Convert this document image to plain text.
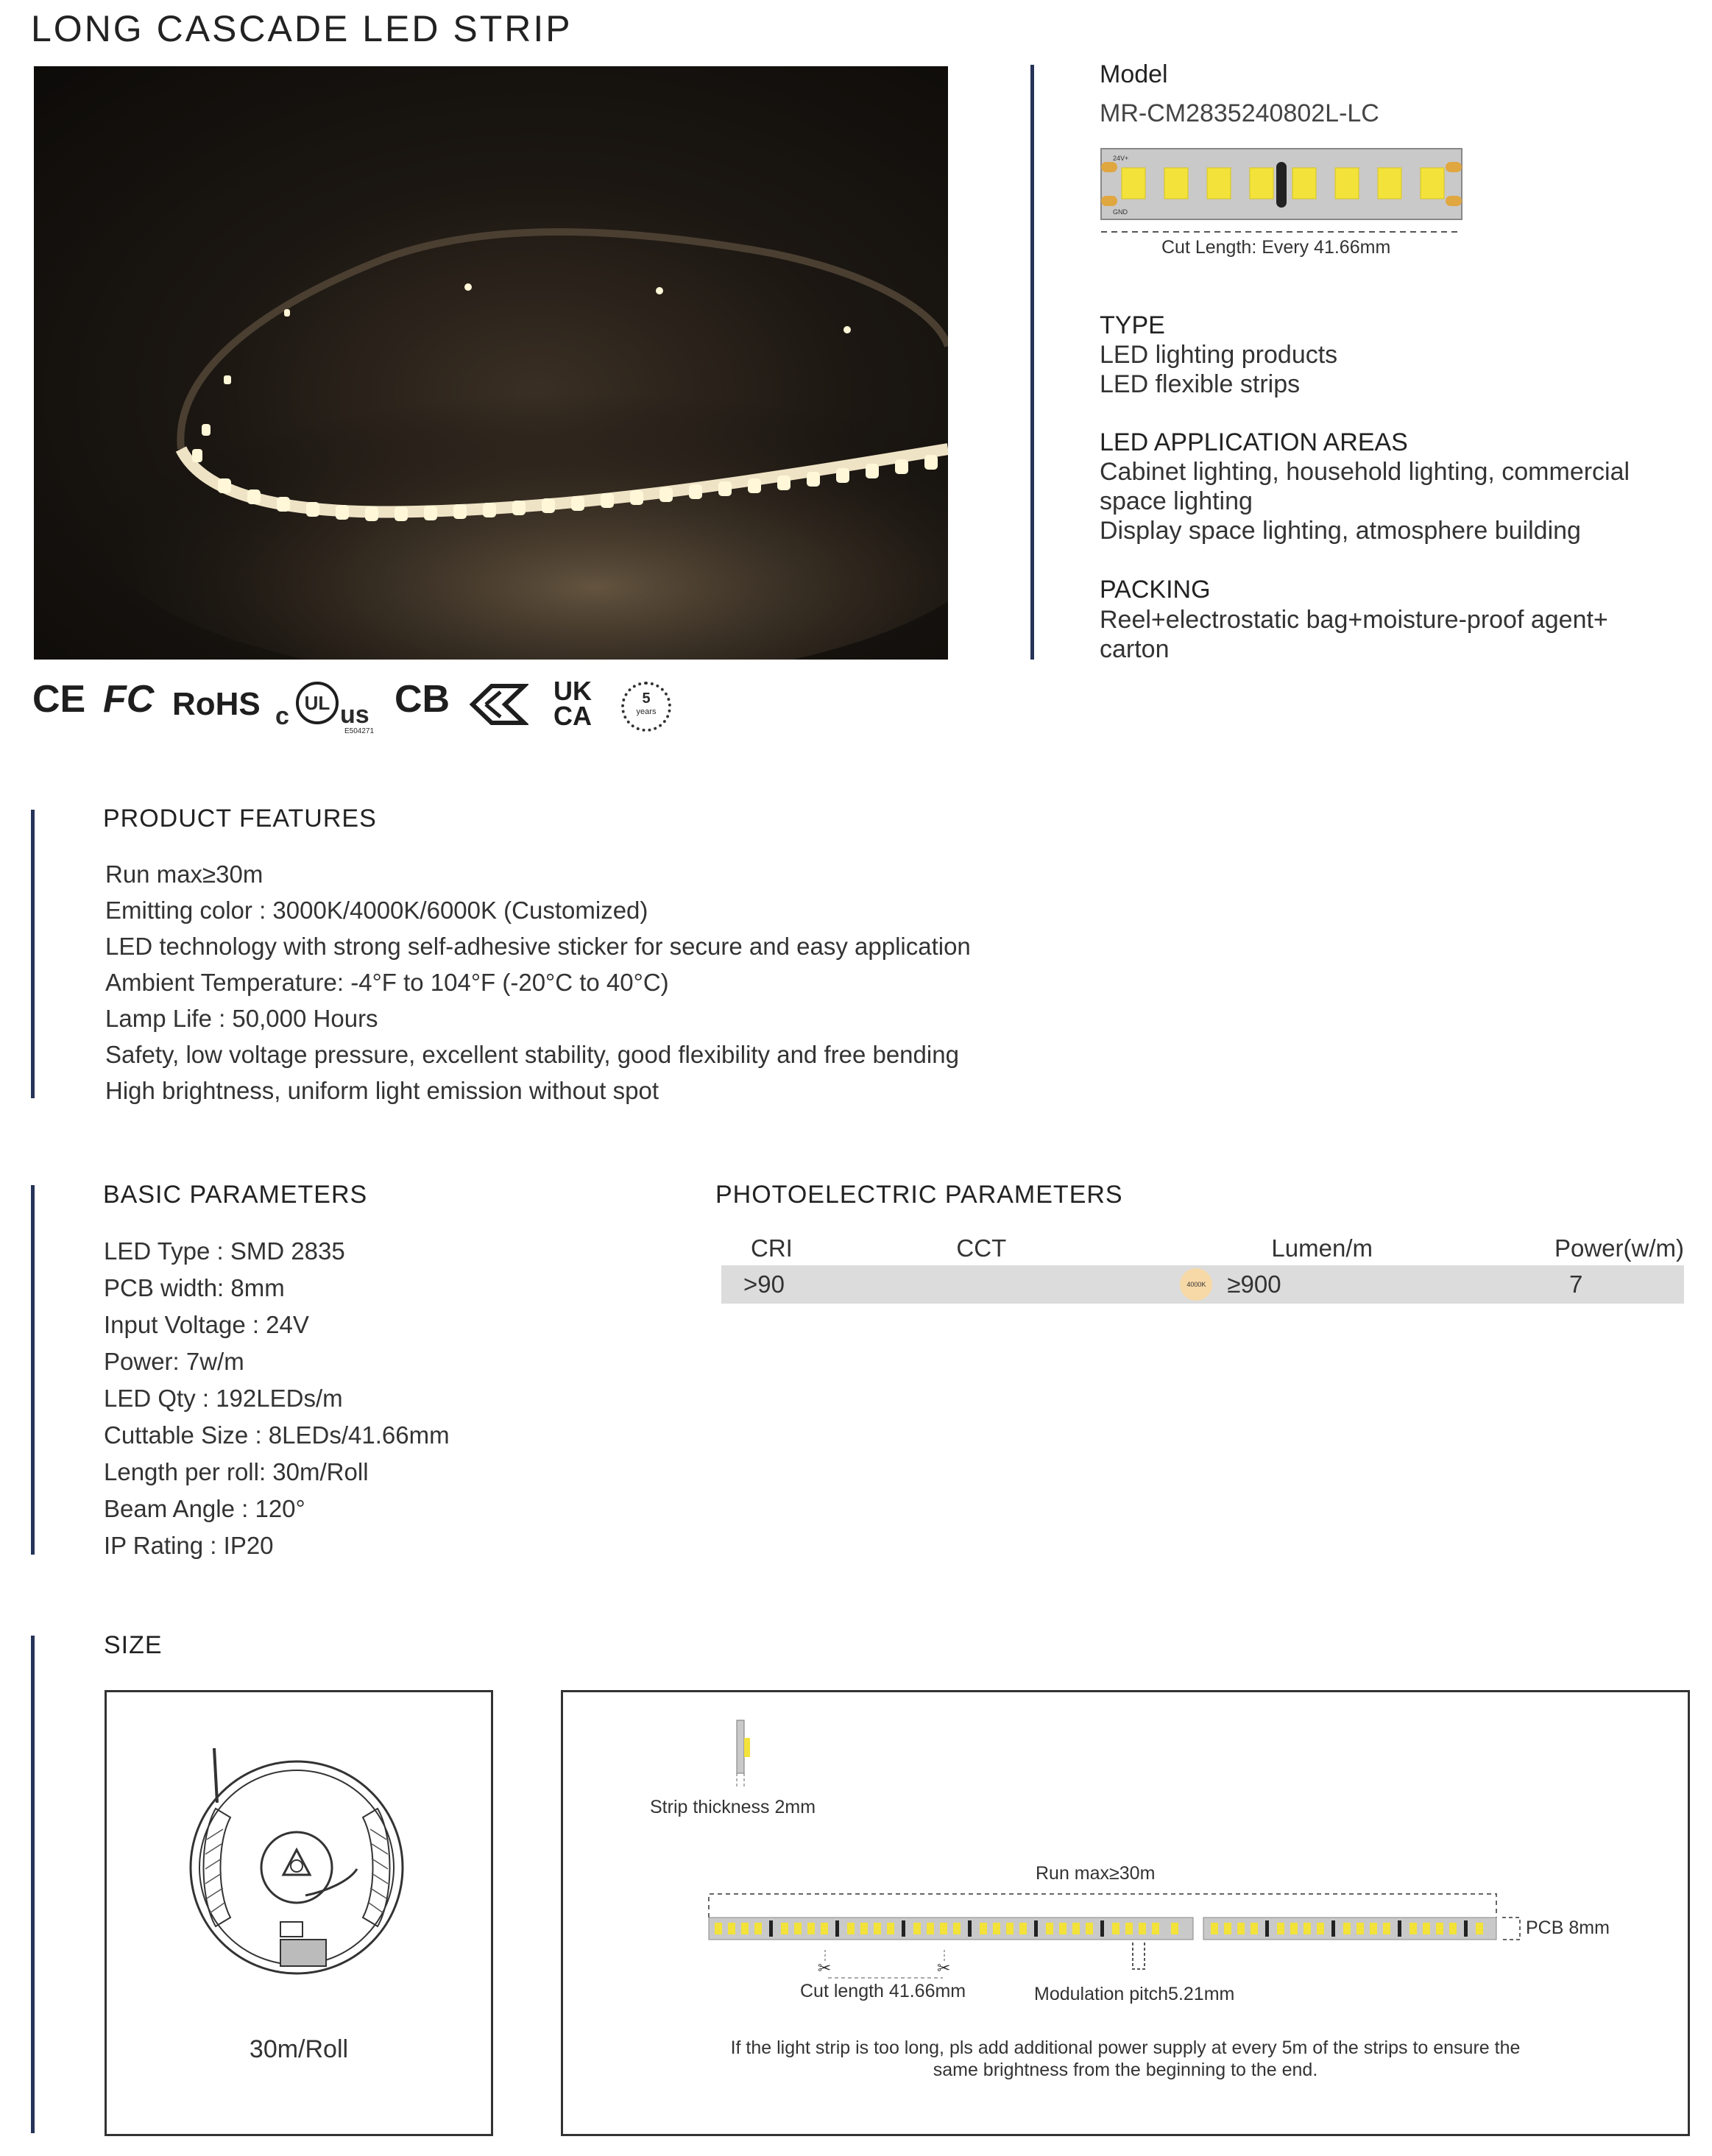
LONG CASCADE LED STRIP
Model
MR-CM2835240802L-LC
24V+
GND
Cut Length: Every 41.66mm
TYPE
LED lighting products
LED flexible strips
LED APPLICATION AREAS
Cabinet lighting, household lighting, commercial
space lighting
Display space lighting, atmosphere building
PACKING
Reel+electrostatic bag+moisture-proof agent+
carton
CE FC RoHS c UL us
E504271
CB	UK
CA
5
years
PRODUCT FEATURES
Run max≥30m
Emitting color : 3000K/4000K/6000K (Customized)
LED technology with strong self-adhesive sticker for secure and easy application
Ambient Temperature: -4°F to 104°F (-20°C to 40°C)
Lamp Life : 50,000 Hours
Safety, low voltage pressure, excellent stability, good flexibility and free bending
High brightness, uniform light emission without spot
BASIC PARAMETERS
LED Type : SMD 2835
PCB width: 8mm
Input Voltage : 24V
Power: 7w/m
LED Qty : 192LEDs/m
Cuttable Size : 8LEDs/41.66mm
Length per roll: 30m/Roll
Beam Angle : 120°
IP Rating : IP20
PHOTOELECTRIC PARAMETERS
CRI	CCT	Lumen/m	Power(w/m)
>90	4000K	≥900	7
SIZE
30m/Roll
✂	✂
Strip thickness 2mm
Run max≥30m
PCB 8mm
Cut length 41.66mm	Modulation pitch5.21mm
If the light strip is too long, pls add additional power supply at every 5m of the strips to ensure the
same brightness from the beginning to the end.
